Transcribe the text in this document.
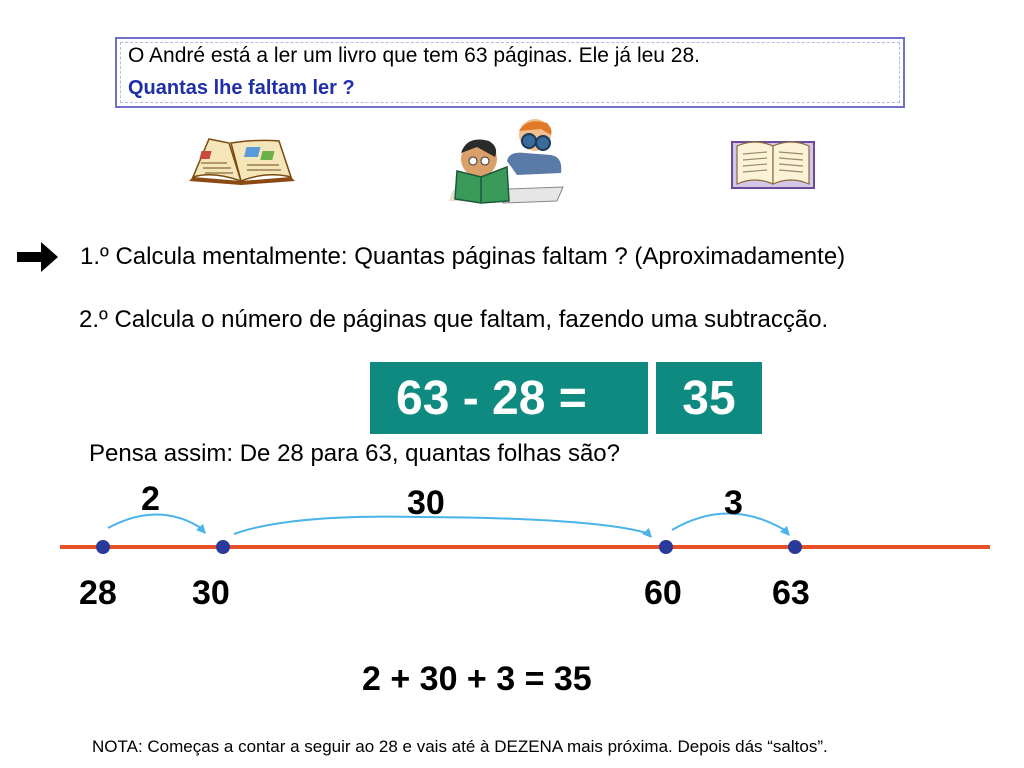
O André está a ler um livro que tem 63 páginas. Ele já leu 28.
Quantas lhe faltam ler ?
1.º Calcula mentalmente: Quantas páginas faltam ? (Aproximadamente)
2.º Calcula o número de páginas que faltam, fazendo uma subtracção.
63 - 28 = 35
Pensa assim: De 28 para 63, quantas folhas são?
2	30	3
28 30	60	63
2 + 30 + 3 = 35
NOTA: Começas a contar a seguir ao 28 e vais até à DEZENA mais próxima. Depois dás “saltos”.
